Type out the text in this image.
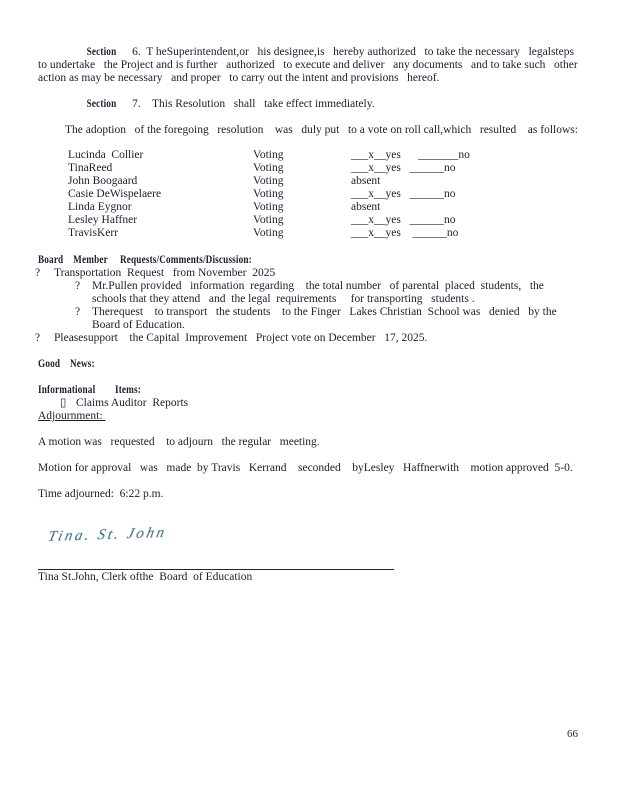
Section 6.  T heSuperintendent,or   his designee,is   hereby authorized   to take the necessary   legalsteps   to undertake   the Project and is further   authorized   to execute and deliver   any documents   and to take such   other action as may be necessary   and proper   to carry out the intent and provisions   hereof.

Section 7.    This Resolution   shall   take effect immediately.

The adoption   of the foregoing   resolution    was   duly put   to a vote on roll call,which   resulted    as follows:

Lucinda  Collier	Voting	___x__yes      _______no
TinaReed	Voting	___x__yes   ______no
John Boogaard	Voting	absent
Casie DeWispelaere	Voting	___x__yes   ______no
Linda Eygnor	Voting	absent
Lesley Haffner	Voting	___x__yes   ______no
TravisKerr	Voting	___x__yes    ______no

Board    Member     Requests/Comments/Discussion:

?	Transportation  Request   from November  2025
?	Mr.Pullen provided   information  regarding    the total number   of parental  placed  students,   the schools that they attend   and  the legal  requirements     for transporting   students .
?	Therequest    to transport   the students    to the Finger   Lakes Christian  School was   denied   by the Board of Education.
?	Pleasesupport    the Capital  Improvement   Project vote on December   17, 2025.

Good    News:

Informational        Items:

▯ Claims Auditor  Reports

Adjournment:

A motion was   requested    to adjourn   the regular   meeting.

Motion for approval   was   made  by Travis   Kerrand    seconded    byLesley   Haffnerwith    motion approved  5-0.

Time adjourned:  6:22 p.m.

Tina. St. John

Tina St.John, Clerk ofthe  Board  of Education

66
